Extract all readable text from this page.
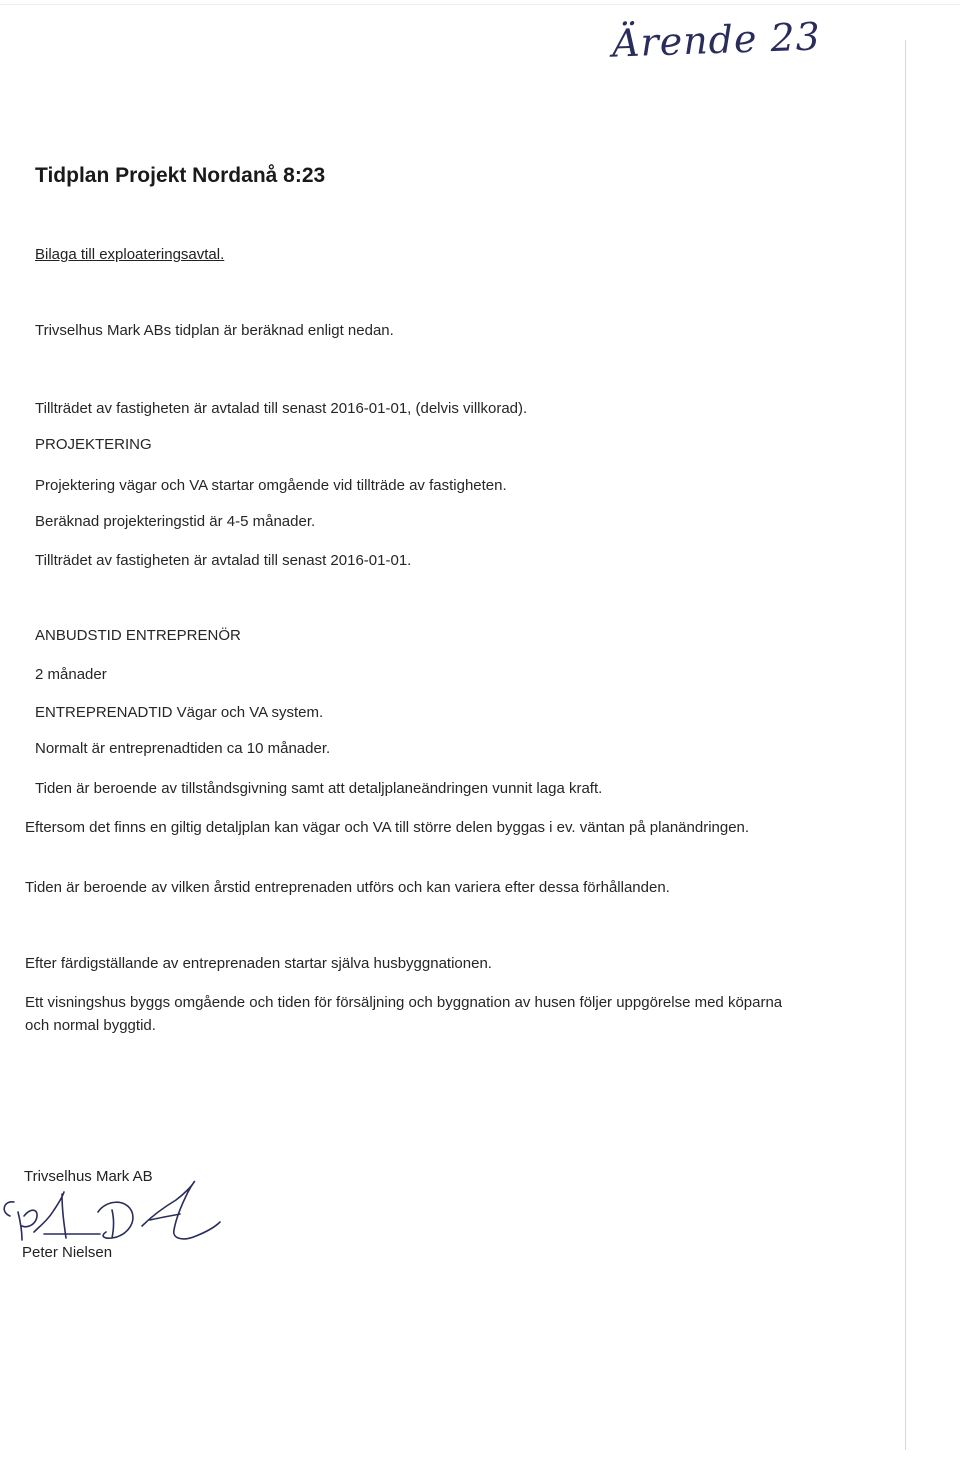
Ärende 23
Tidplan Projekt Nordanå 8:23
Bilaga till exploateringsavtal.
Trivselhus Mark ABs tidplan är beräknad enligt nedan.
Tillträdet av fastigheten är avtalad till senast 2016-01-01, (delvis villkorad).
PROJEKTERING
Projektering vägar och VA startar omgående vid tillträde av fastigheten.
Beräknad projekteringstid är 4-5 månader.
Tillträdet av fastigheten är avtalad till senast 2016-01-01.
ANBUDSTID ENTREPRENÖR
2 månader
ENTREPRENADTID Vägar och VA system.
Normalt är entreprenadtiden ca 10 månader.
Tiden är beroende av tillståndsgivning samt att detaljplaneändringen vunnit laga kraft.
Eftersom det finns en giltig detaljplan kan vägar och VA till större delen byggas i ev. väntan på planändringen.
Tiden är beroende av vilken årstid entreprenaden utförs och kan variera efter dessa förhållanden.
Efter färdigställande av entreprenaden startar själva husbyggnationen.
Ett visningshus byggs omgående och tiden för försäljning och byggnation av husen följer uppgörelse med köparna och normal byggtid.
Trivselhus Mark AB
Peter Nielsen
